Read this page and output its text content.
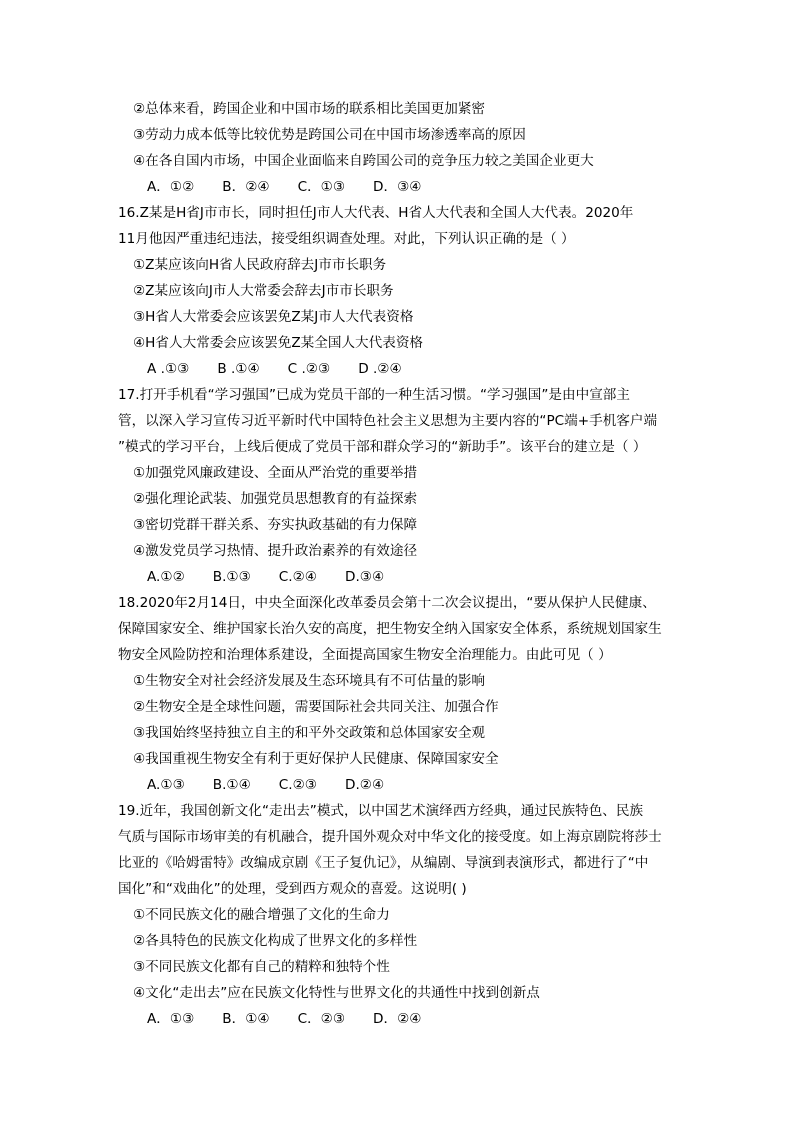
②总体来看，跨国企业和中国市场的联系相比美国更加紧密
③劳动力成本低等比较优势是跨国公司在中国市场渗透率高的原因
④在各自国内市场，中国企业面临来自跨国公司的竞争压力较之美国企业更大
A．①② B．②④ C．①③ D．③④
16.Z某是H省J市市长，同时担任J市人大代表、H省人大代表和全国人大代表。2020年
11月他因严重违纪违法，接受组织调查处理。对此，下列认识正确的是（ ）
①Z某应该向H省人民政府辞去J市市长职务
②Z某应该向J市人大常委会辞去J市市长职务
③H省人大常委会应该罢免Z某J市人大代表资格
④H省人大常委会应该罢免Z某全国人大代表资格
A .①③ B .①④ C .②③ D .②④
17.打开手机看“学习强国”已成为党员干部的一种生活习惯。“学习强国”是由中宣部主
管，以深入学习宣传习近平新时代中国特色社会主义思想为主要内容的“PC端+手机客户端
”模式的学习平台，上线后便成了党员干部和群众学习的“新助手”。该平台的建立是（ ）
①加强党风廉政建设、全面从严治党的重要举措
②强化理论武装、加强党员思想教育的有益探索
③密切党群干群关系、夯实执政基础的有力保障
④激发党员学习热情、提升政治素养的有效途径
A.①② B.①③ C.②④ D.③④
18.2020年2月14日，中央全面深化改革委员会第十二次会议提出，“要从保护人民健康、
保障国家安全、维护国家长治久安的高度，把生物安全纳入国家安全体系，系统规划国家生
物安全风险防控和治理体系建设，全面提高国家生物安全治理能力。由此可见（ ）
①生物安全对社会经济发展及生态环境具有不可估量的影响
②生物安全是全球性问题，需要国际社会共同关注、加强合作
③我国始终坚持独立自主的和平外交政策和总体国家安全观
④我国重视生物安全有利于更好保护人民健康、保障国家安全
A.①③ B.①④ C.②③ D.②④
19.近年，我国创新文化“走出去”模式，以中国艺术演绎西方经典，通过民族特色、民族
气质与国际市场审美的有机融合，提升国外观众对中华文化的接受度。如上海京剧院将莎士
比亚的《哈姆雷特》改编成京剧《王子复仇记》，从编剧、导演到表演形式，都进行了“中
国化”和“戏曲化”的处理，受到西方观众的喜爱。这说明( )
①不同民族文化的融合增强了文化的生命力
②各具特色的民族文化构成了世界文化的多样性
③不同民族文化都有自己的精粹和独特个性
④文化“走出去”应在民族文化特性与世界文化的共通性中找到创新点
A．①③ B．①④ C．②③ D．②④
